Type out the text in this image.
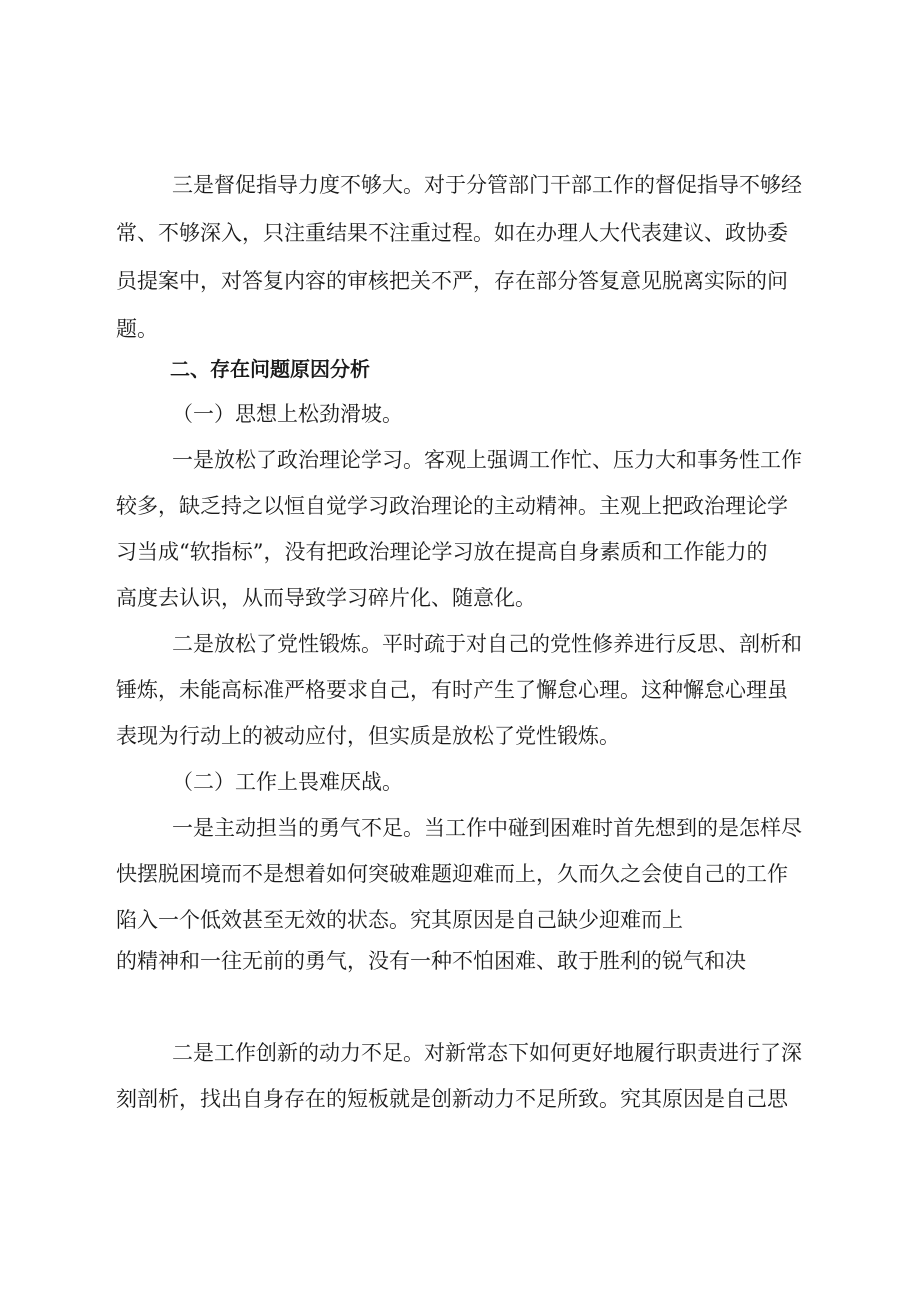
三是督促指导力度不够大。对于分管部门干部工作的督促指导不够经
常、不够深入，只注重结果不注重过程。如在办理人大代表建议、政协委
员提案中，对答复内容的审核把关不严，存在部分答复意见脱离实际的问
题。
二、存在问题原因分析
（一）思想上松劲滑坡。
一是放松了政治理论学习。客观上强调工作忙、压力大和事务性工作
较多，缺乏持之以恒自觉学习政治理论的主动精神。主观上把政治理论学
习当成“软指标”，没有把政治理论学习放在提高自身素质和工作能力的
高度去认识，从而导致学习碎片化、随意化。
二是放松了党性锻炼。平时疏于对自己的党性修养进行反思、剖析和
锤炼，未能高标准严格要求自己，有时产生了懈怠心理。这种懈怠心理虽
表现为行动上的被动应付，但实质是放松了党性锻炼。
（二）工作上畏难厌战。
一是主动担当的勇气不足。当工作中碰到困难时首先想到的是怎样尽
快摆脱困境而不是想着如何突破难题迎难而上，久而久之会使自己的工作
陷入一个低效甚至无效的状态。究其原因是自己缺少迎难而上
的精神和一往无前的勇气，没有一种不怕困难、敢于胜利的锐气和决
二是工作创新的动力不足。对新常态下如何更好地履行职责进行了深
刻剖析，找出自身存在的短板就是创新动力不足所致。究其原因是自己思
